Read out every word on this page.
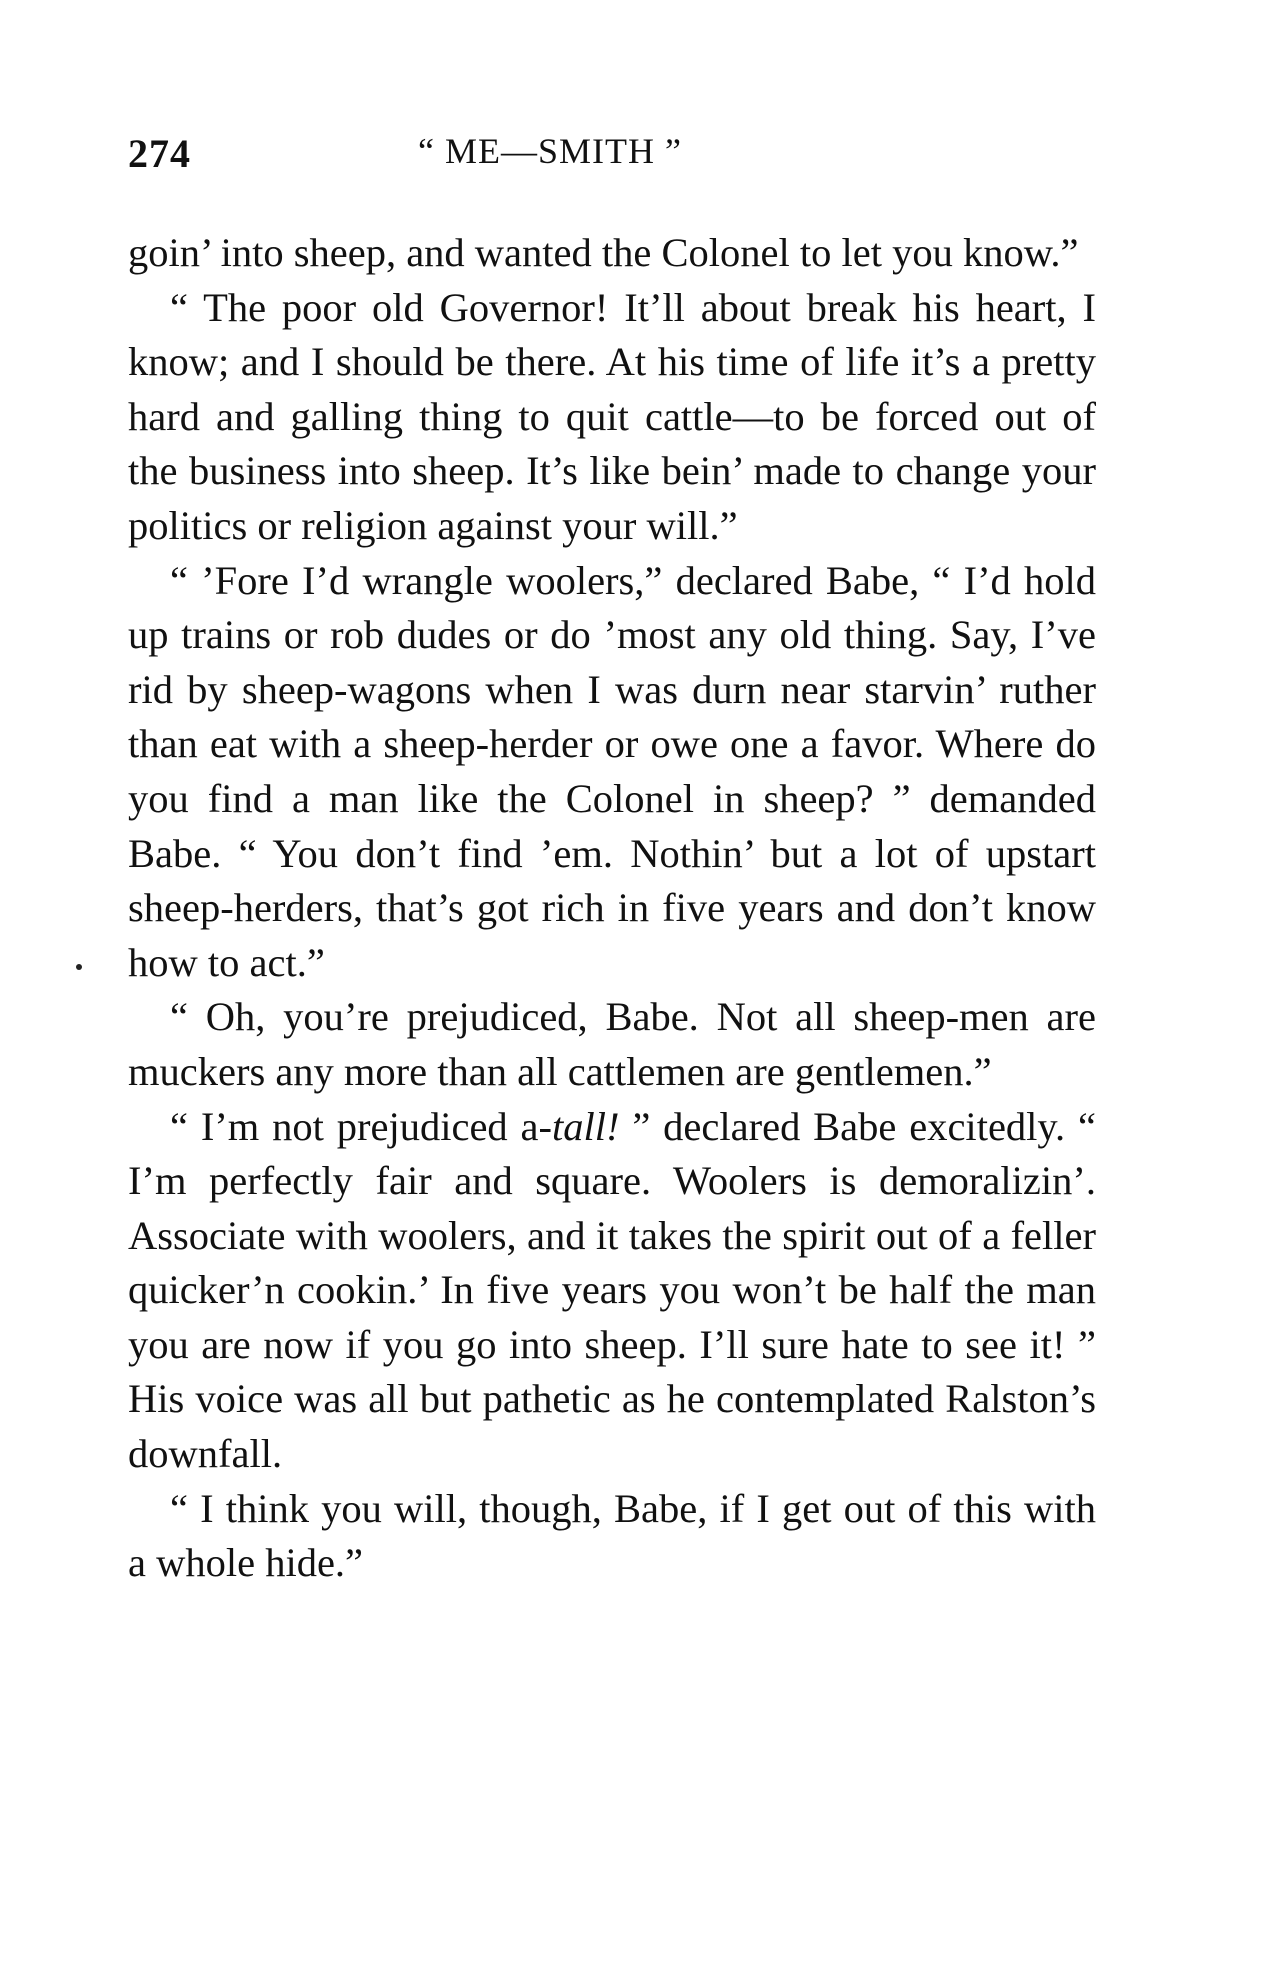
274	“ ME—SMITH ”

goin’ into sheep, and wanted the Colonel to let you know.”

“ The poor old Governor! It’ll about break his heart, I know; and I should be there. At his time of life it’s a pretty hard and galling thing to quit cattle—to be forced out of the business into sheep. It’s like bein’ made to change your politics or religion against your will.”

“ ’Fore I’d wrangle woolers,” declared Babe, “ I’d hold up trains or rob dudes or do ’most any old thing. Say, I’ve rid by sheep-wagons when I was durn near starvin’ ruther than eat with a sheep-herder or owe one a favor. Where do you find a man like the Colonel in sheep? ” demanded Babe. “ You don’t find ’em. Nothin’ but a lot of upstart sheep-herders, that’s got rich in five years and don’t know how to act.”

“ Oh, you’re prejudiced, Babe. Not all sheep-men are muckers any more than all cattlemen are gentlemen.”

“ I’m not prejudiced a-tall! ” declared Babe excitedly. “ I’m perfectly fair and square. Woolers is demoralizin’. Associate with woolers, and it takes the spirit out of a feller quicker’n cookin.’ In five years you won’t be half the man you are now if you go into sheep. I’ll sure hate to see it! ” His voice was all but pathetic as he contemplated Ralston’s downfall.

“ I think you will, though, Babe, if I get out of this with a whole hide.”
